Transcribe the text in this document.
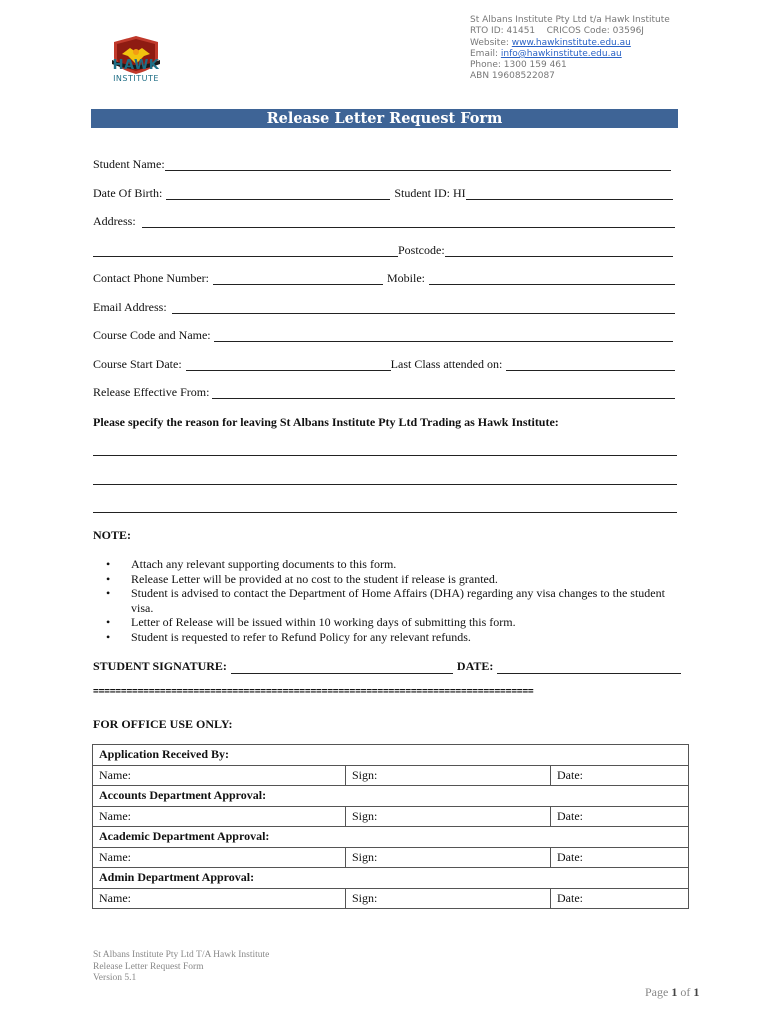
HAWK
INSTITUTE
St Albans Institute Pty Ltd t/a Hawk Institute
RTO ID: 41451 CRICOS Code: 03596J
Website: www.hawkinstitute.edu.au
Email: info@hawkinstitute.edu.au
Phone: 1300 159 461
ABN 19608522087
Release Letter Request Form
Student Name:
Date Of Birth:	Student ID: HI
Address:
Postcode:
Contact Phone Number:	Mobile:
Email Address:
Course Code and Name:
Course Start Date:	Last Class attended on:
Release Effective From:
Please specify the reason for leaving St Albans Institute Pty Ltd Trading as Hawk Institute:
NOTE:
• Attach any relevant supporting documents to this form.
• Release Letter will be provided at no cost to the student if release is granted.
• Student is advised to contact the Department of Home Affairs (DHA) regarding any visa changes to the student visa.
• Letter of Release will be issued within 10 working days of submitting this form.
• Student is requested to refer to Refund Policy for any relevant refunds.
STUDENT SIGNATURE:	DATE:
===============================================================================
FOR OFFICE USE ONLY:
Application Received By:		
Name:	Sign:	Date:
Accounts Department Approval:		
Name:	Sign:	Date:
Academic Department Approval:		
Name:	Sign:	Date:
Admin Department Approval:		
Name:	Sign:	Date:
St Albans Institute Pty Ltd T/A Hawk Institute
Release Letter Request Form
Version 5.1
Page 1 of 1
